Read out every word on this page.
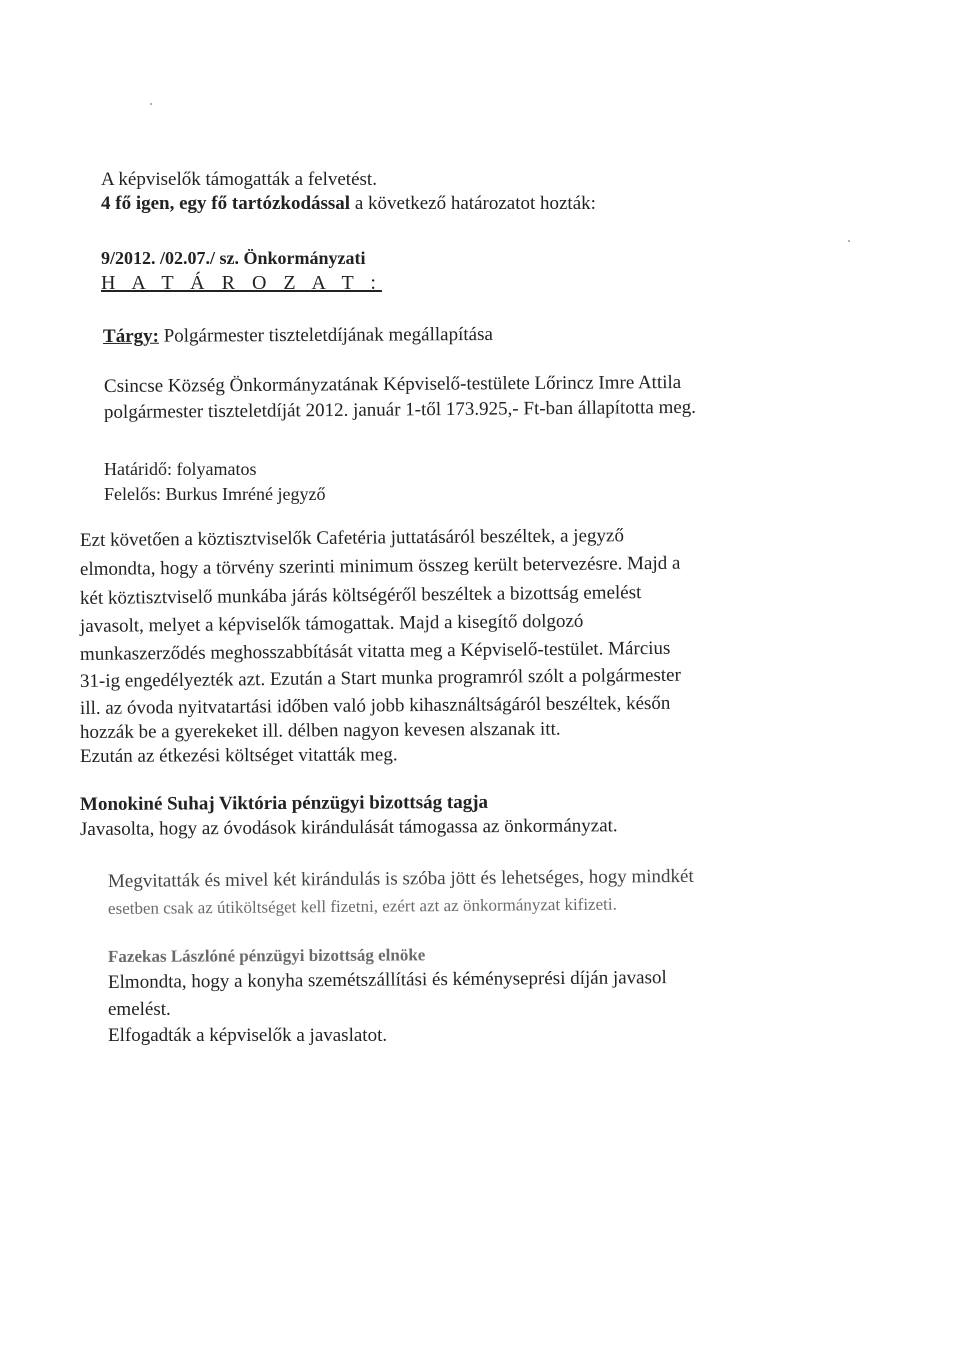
A képviselők támogatták a felvetést.
4 fő igen, egy fő tartózkodással a következő határozatot hozták:
9/2012. /02.07./ sz. Önkormányzati
H A T Á R O Z A T :
Tárgy: Polgármester tiszteletdíjának megállapítása
Csincse Község Önkormányzatának Képviselő-testülete Lőrincz Imre Attila
polgármester tiszteletdíját 2012. január 1-től 173.925,- Ft-ban állapította meg.
Határidő: folyamatos
Felelős: Burkus Imréné jegyző
Ezt követően a köztisztviselők Cafetéria juttatásáról beszéltek, a jegyző
elmondta, hogy a törvény szerinti minimum összeg került betervezésre. Majd a
két köztisztviselő munkába járás költségéről beszéltek a bizottság emelést
javasolt, melyet a képviselők támogattak. Majd a kisegítő dolgozó
munkaszerződés meghosszabbítását vitatta meg a Képviselő-testület. Március
31-ig engedélyezték azt. Ezután a Start munka programról szólt a polgármester
ill. az óvoda nyitvatartási időben való jobb kihasználtságáról beszéltek, későn
hozzák be a gyerekeket ill. délben nagyon kevesen alszanak itt.
Ezután az étkezési költséget vitatták meg.
Monokiné Suhaj Viktória pénzügyi bizottság tagja
Javasolta, hogy az óvodások kirándulását támogassa az önkormányzat.
Megvitatták és mivel két kirándulás is szóba jött és lehetséges, hogy mindkét
esetben csak az útiköltséget kell fizetni, ezért azt az önkormányzat kifizeti.
Fazekas Lászlóné pénzügyi bizottság elnöke
Elmondta, hogy a konyha szemétszállítási és kéményseprési díján javasol
emelést.
Elfogadták a képviselők a javaslatot.
